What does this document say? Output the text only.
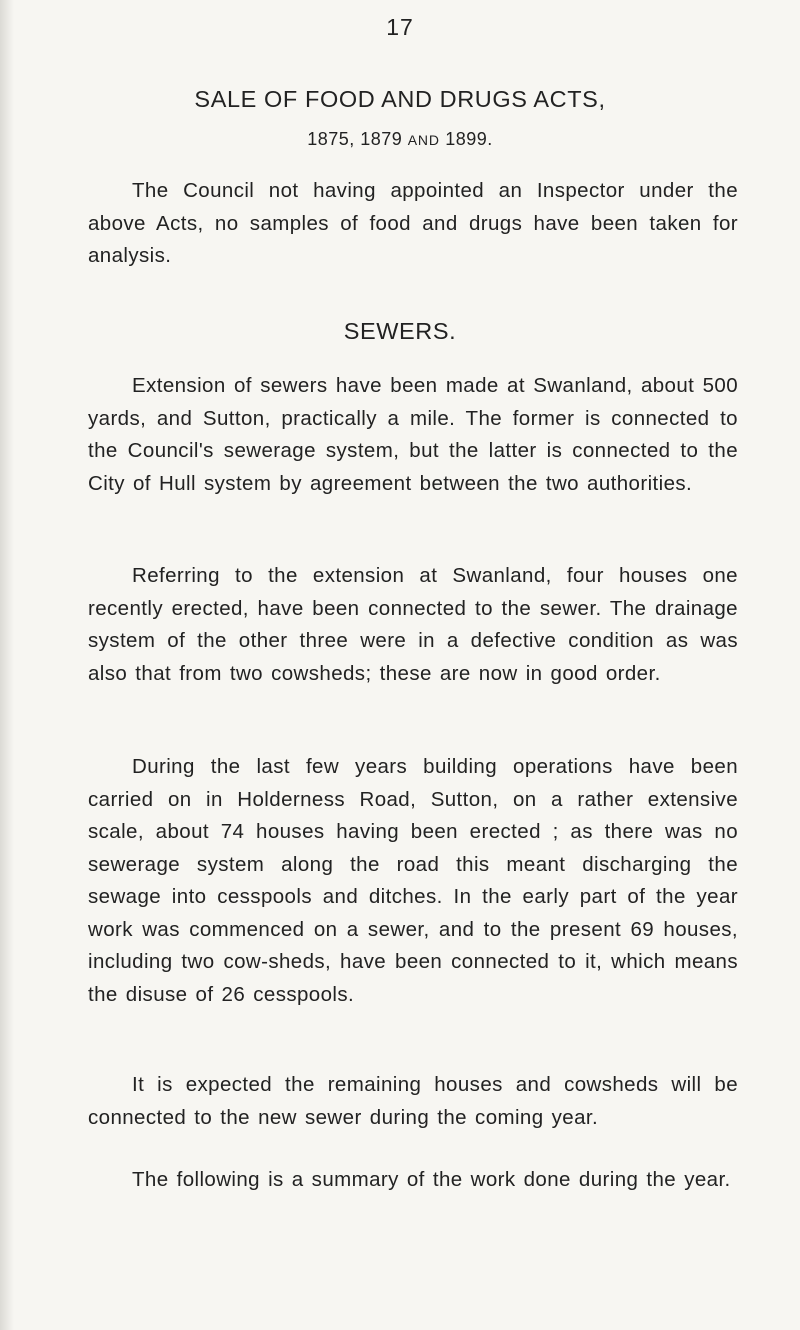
17
SALE OF FOOD AND DRUGS ACTS,
1875, 1879 AND 1899.

The Council not having appointed an Inspector under the above Acts, no samples of food and drugs have been taken for analysis.

SEWERS.

Extension of sewers have been made at Swanland, about 500 yards, and Sutton, practically a mile. The former is connected to the Council's sewerage system, but the latter is connected to the City of Hull system by agreement between the two authorities.

Referring to the extension at Swanland, four houses one recently erected, have been connected to the sewer. The drainage system of the other three were in a defective condition as was also that from two cowsheds; these are now in good order.

During the last few years building operations have been carried on in Holderness Road, Sutton, on a rather extensive scale, about 74 houses having been erected ; as there was no sewerage system along the road this meant discharging the sewage into cesspools and ditches. In the early part of the year work was commenced on a sewer, and to the present 69 houses, including two cow-sheds, have been connected to it, which means the disuse of 26 cesspools.

It is expected the remaining houses and cowsheds will be connected to the new sewer during the coming year.

The following is a summary of the work done during the year.
